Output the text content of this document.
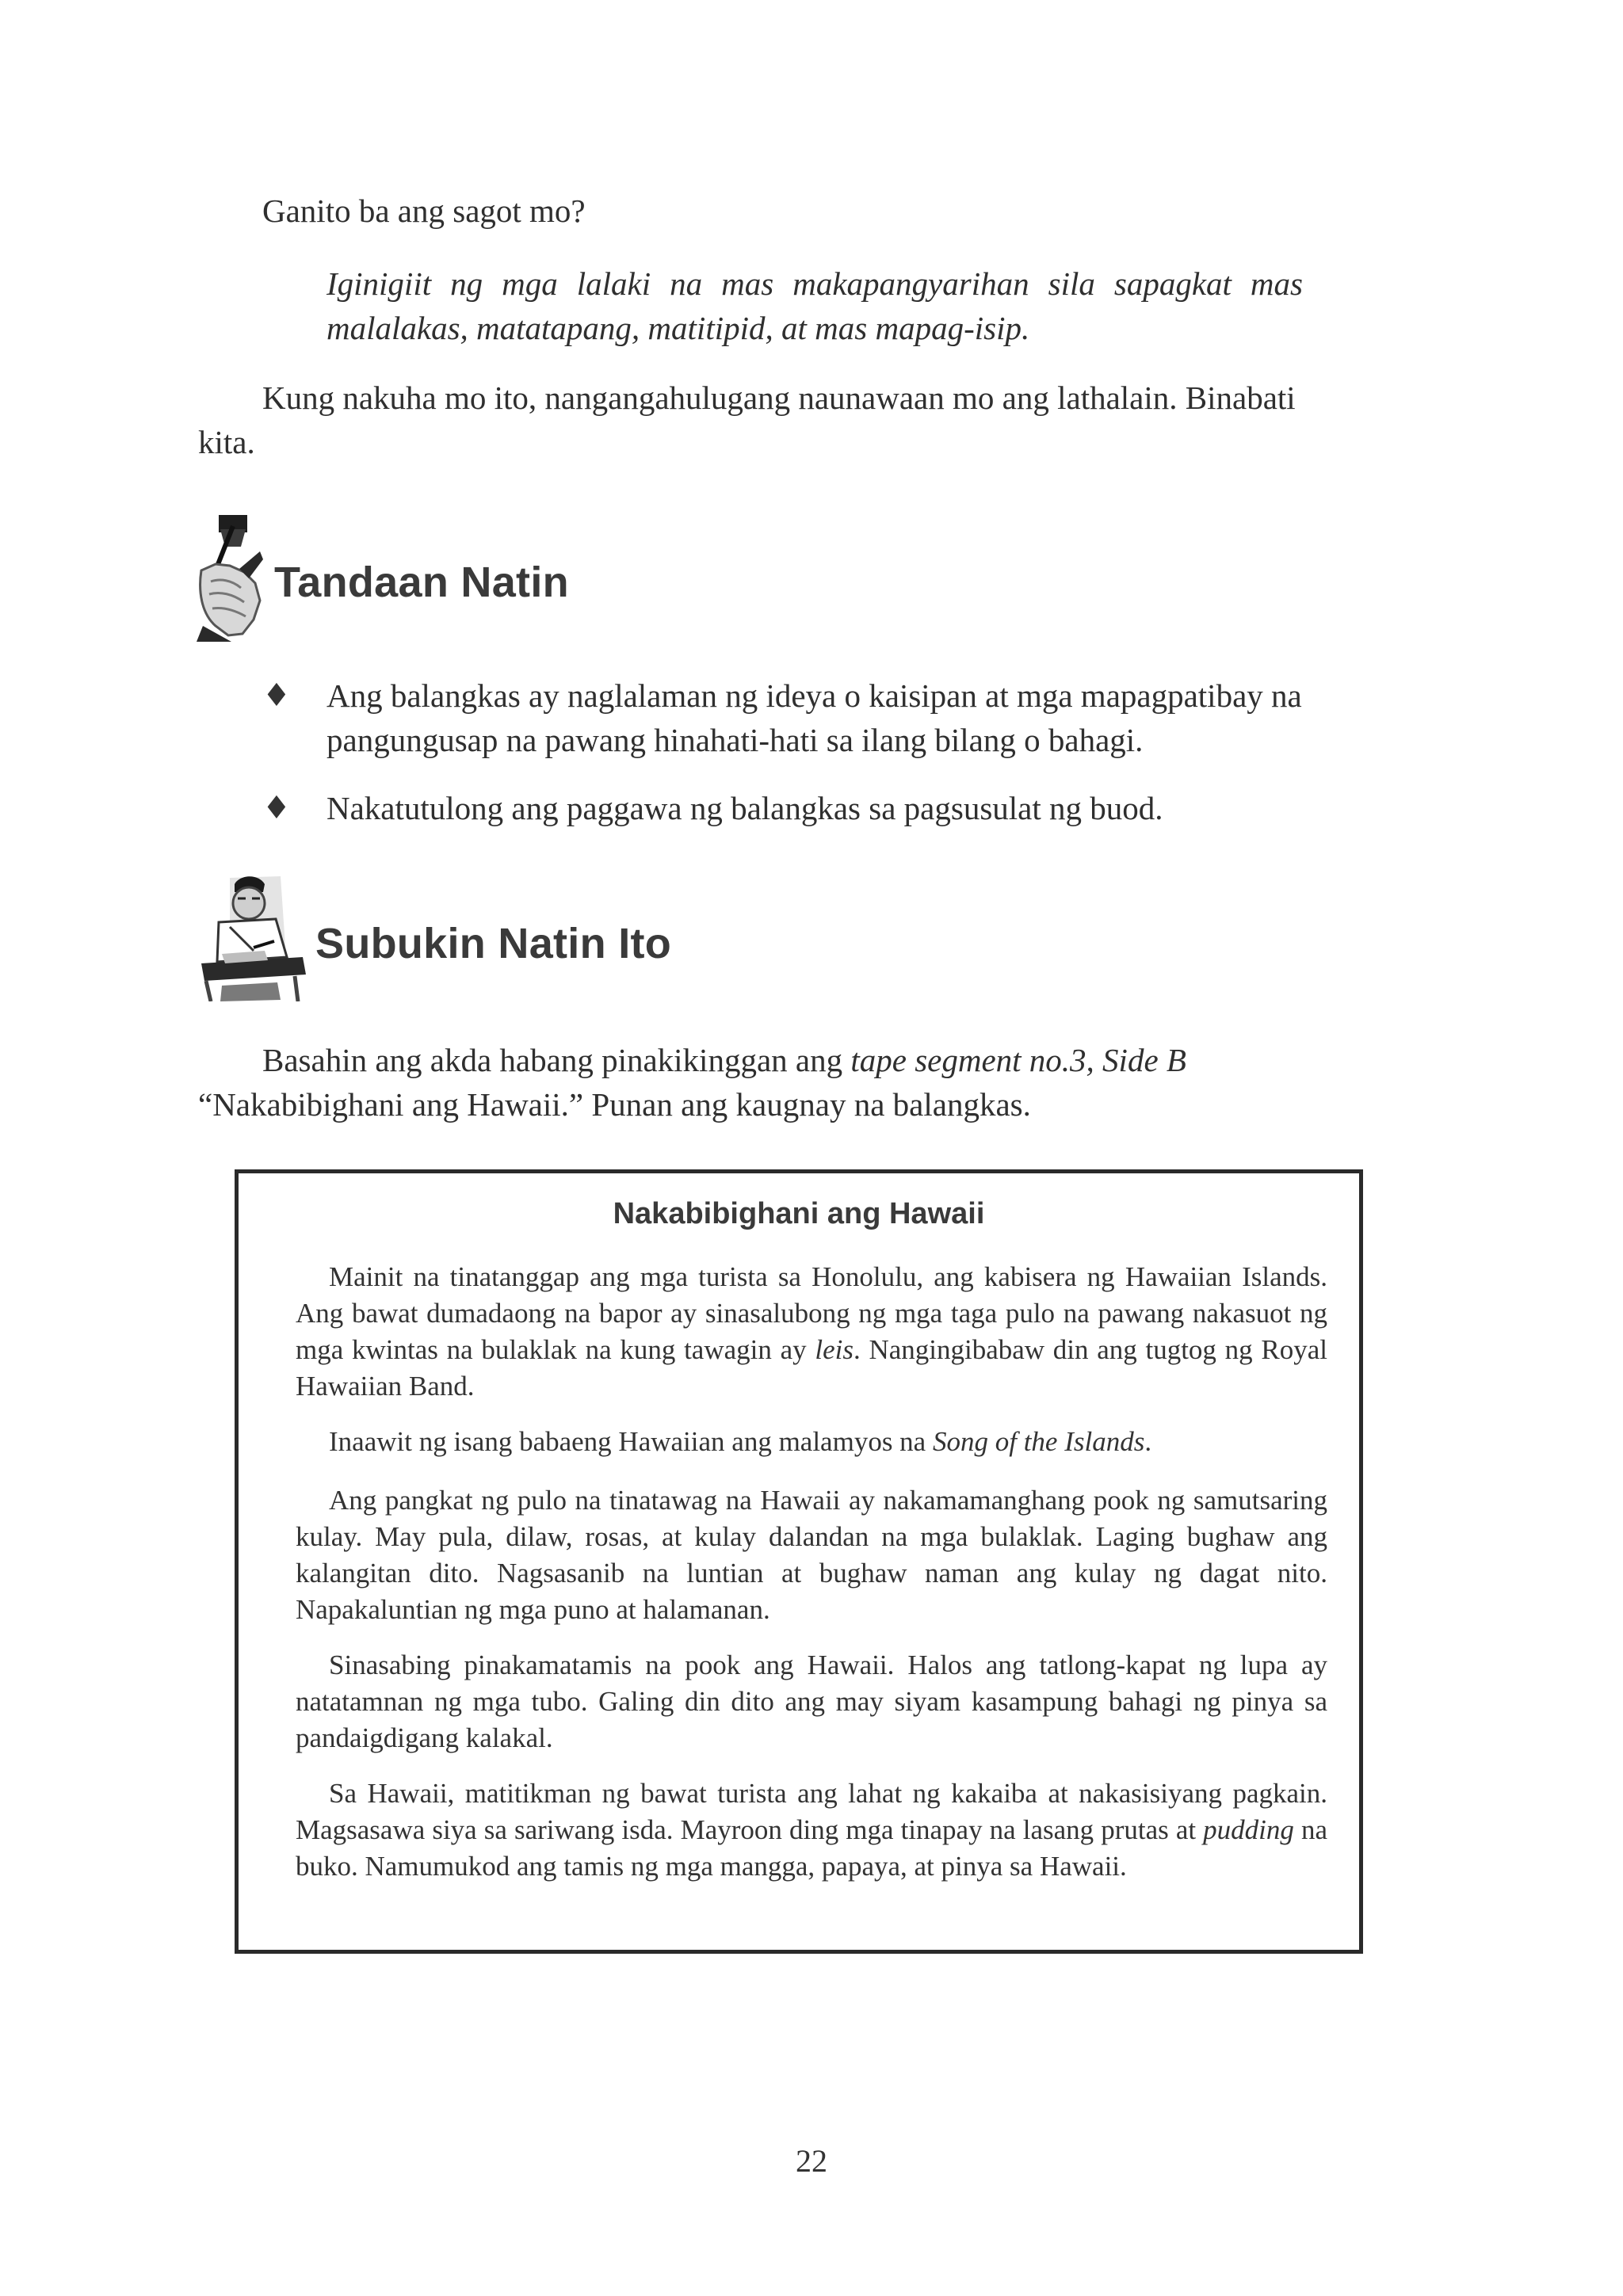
Ganito ba ang sagot mo?
Iginigiit ng mga lalaki na mas makapangyarihan sila sapagkat mas malalakas, matatapang, matitipid, at mas mapag-isip.
Kung nakuha mo ito, nangangahulugang naunawaan mo ang lathalain. Binabati kita.
Tandaan Natin
♦ Ang balangkas ay naglalaman ng ideya o kaisipan at mga mapagpatibay na pangungusap na pawang hinahati-hati sa ilang bilang o bahagi.
♦ Nakatutulong ang paggawa ng balangkas sa pagsusulat ng buod.
Subukin Natin Ito
Basahin ang akda habang pinakikinggan ang tape segment no.3, Side B “Nakabibighani ang Hawaii.” Punan ang kaugnay na balangkas.
Nakabibighani ang Hawaii
Mainit na tinatanggap ang mga turista sa Honolulu, ang kabisera ng Hawaiian Islands. Ang bawat dumadaong na bapor ay sinasalubong ng mga taga pulo na pawang nakasuot ng mga kwintas na bulaklak na kung tawagin ay leis. Nangingibabaw din ang tugtog ng Royal Hawaiian Band.
Inaawit ng isang babaeng Hawaiian ang malamyos na Song of the Islands.
Ang pangkat ng pulo na tinatawag na Hawaii ay nakamamanghang pook ng samutsaring kulay. May pula, dilaw, rosas, at kulay dalandan na mga bulaklak. Laging bughaw ang kalangitan dito. Nagsasanib na luntian at bughaw naman ang kulay ng dagat nito. Napakaluntian ng mga puno at halamanan.
Sinasabing pinakamatamis na pook ang Hawaii. Halos ang tatlong-kapat ng lupa ay natatamnan ng mga tubo. Galing din dito ang may siyam kasampung bahagi ng pinya sa pandaigdigang kalakal.
Sa Hawaii, matitikman ng bawat turista ang lahat ng kakaiba at nakasisiyang pagkain. Magsasawa siya sa sariwang isda. Mayroon ding mga tinapay na lasang prutas at pudding na buko. Namumukod ang tamis ng mga mangga, papaya, at pinya sa Hawaii.
22
